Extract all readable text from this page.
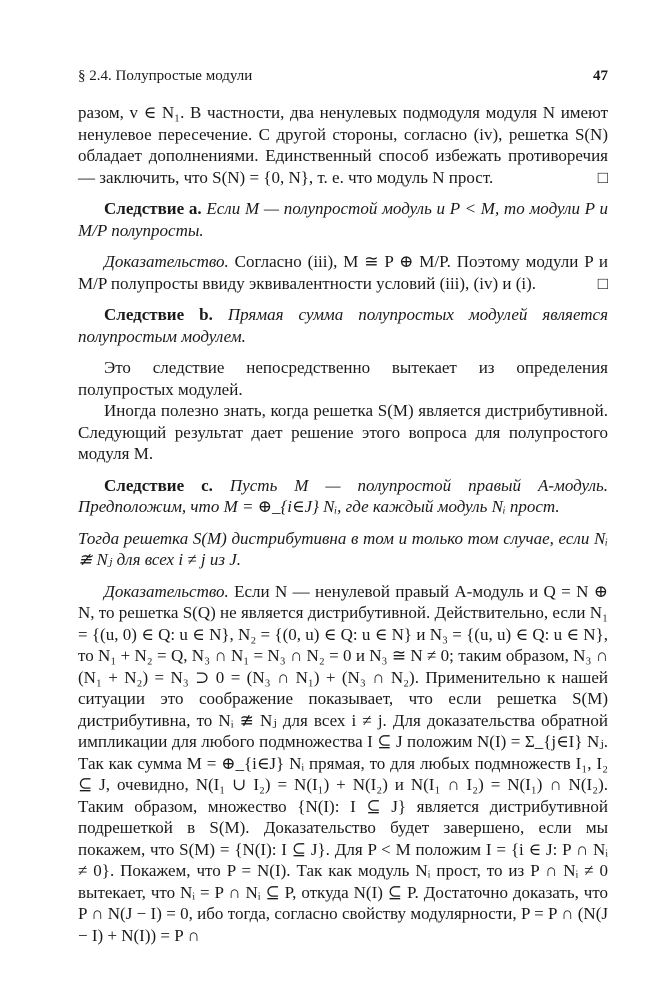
§ 2.4. Полупростые модули	47

разом, v ∈ N₁. В частности, два ненулевых подмодуля модуля N имеют ненулевое пересечение. С другой стороны, согласно (iv), решетка S(N) обладает дополнениями. Единственный способ избежать противоречия — заключить, что S(N) = {0, N}, т. е. что модуль N прост.	□

Следствие a. Если M — полупростой модуль и P < M, то модули P и M/P полупросты.

Доказательство. Согласно (iii), M ≅ P ⊕ M/P. Поэтому модули P и M/P полупросты ввиду эквивалентности условий (iii), (iv) и (i).	□

Следствие b. Прямая сумма полупростых модулей является полупростым модулем.

Это следствие непосредственно вытекает из определения полупростых модулей.

Иногда полезно знать, когда решетка S(M) является дистрибутивной. Следующий результат дает решение этого вопроса для полупростого модуля M.

Следствие c. Пусть M — полупростой правый A-модуль. Предположим, что M = ⊕_{i∈J} Nᵢ, где каждый модуль Nᵢ прост.

Тогда решетка S(M) дистрибутивна в том и только том случае, если Nᵢ ≇ Nⱼ для всех i ≠ j из J.

Доказательство. Если N — ненулевой правый A-модуль и Q = N ⊕ N, то решетка S(Q) не является дистрибутивной. Действительно, если N₁ = {(u, 0) ∈ Q: u ∈ N}, N₂ = {(0, u) ∈ Q: u ∈ N} и N₃ = {(u, u) ∈ Q: u ∈ N}, то N₁ + N₂ = Q, N₃ ∩ N₁ = N₃ ∩ N₂ = 0 и N₃ ≅ N ≠ 0; таким образом, N₃ ∩ (N₁ + N₂) = N₃ ⊃ 0 = (N₃ ∩ N₁) + (N₃ ∩ N₂). Применительно к нашей ситуации это соображение показывает, что если решетка S(M) дистрибутивна, то Nᵢ ≇ Nⱼ для всех i ≠ j. Для доказательства обратной импликации для любого подмножества I ⊆ J положим N(I) = Σ_{j∈I} Nⱼ. Так как сумма M = ⊕_{i∈J} Nᵢ прямая, то для любых подмножеств I₁, I₂ ⊆ J, очевидно, N(I₁ ∪ I₂) = N(I₁) + N(I₂) и N(I₁ ∩ I₂) = N(I₁) ∩ N(I₂). Таким образом, множество {N(I): I ⊆ J} является дистрибутивной подрешеткой в S(M). Доказательство будет завершено, если мы покажем, что S(M) = {N(I): I ⊆ J}. Для P < M положим I = {i ∈ J: P ∩ Nᵢ ≠ 0}. Покажем, что P = N(I). Так как модуль Nᵢ прост, то из P ∩ Nᵢ ≠ 0 вытекает, что Nᵢ = P ∩ Nᵢ ⊆ P, откуда N(I) ⊆ P. Достаточно доказать, что P ∩ N(J − I) = 0, ибо тогда, согласно свойству модулярности, P = P ∩ (N(J − I) + N(I)) = P ∩
